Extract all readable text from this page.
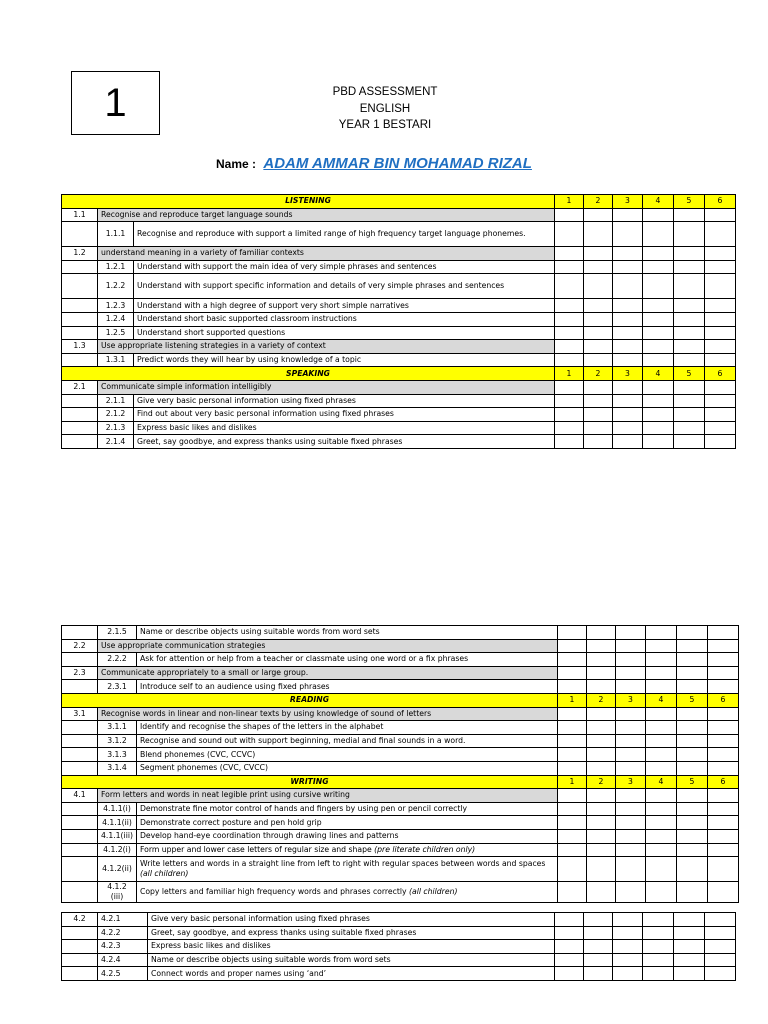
1	PBD ASSESSMENT
ENGLISH
YEAR 1 BESTARI
Name : ADAM AMMAR BIN MOHAMAD RIZAL
LISTENING			1	2	3	4	5	6
1.1	Recognise and reproduce target language sounds							
	1.1.1	Recognise and reproduce with support a limited range of high frequency target language phonemes.						
1.2	understand meaning in a variety of familiar contexts							
	1.2.1	Understand with support the main idea of very simple phrases and sentences						
	1.2.2	Understand with support specific information and details of very simple phrases and sentences						
	1.2.3	Understand with a high degree of support very short simple narratives						
	1.2.4	Understand short basic supported classroom instructions						
	1.2.5	Understand short supported questions						
1.3	Use appropriate listening strategies in a variety of context							
	1.3.1	Predict words they will hear by using knowledge of a topic						
SPEAKING			1	2	3	4	5	6
2.1	Communicate simple information intelligibly							
	2.1.1	Give very basic personal information using fixed phrases						
	2.1.2	Find out about very basic personal information using fixed phrases						
	2.1.3	Express basic likes and dislikes						
	2.1.4	Greet, say goodbye, and express thanks using suitable fixed phrases						
	2.1.5	Name or describe objects using suitable words from word sets						
2.2	Use appropriate communication strategies							
	2.2.2	Ask for attention or help from a teacher or classmate using one word or a fix phrases						
2.3	Communicate appropriately to a small or large group.							
	2.3.1	Introduce self to an audience using fixed phrases						
READING			1	2	3	4	5	6
3.1	Recognise words in linear and non-linear texts by using knowledge of sound of letters							
	3.1.1	Identify and recognise the shapes of the letters in the alphabet						
	3.1.2	Recognise and sound out with support beginning, medial and final sounds in a word.						
	3.1.3	Blend phonemes (CVC, CCVC)						
	3.1.4	Segment phonemes (CVC, CVCC)						
WRITING			1	2	3	4	5	6
4.1	Form letters and words in neat legible print using cursive writing							
	4.1.1(i)	Demonstrate fine motor control of hands and fingers by using pen or pencil correctly						
	4.1.1(ii)	Demonstrate correct posture and pen hold grip						
	4.1.1(iii)	Develop hand-eye coordination through drawing lines and patterns						
	4.1.2(i)	Form upper and lower case letters of regular size and shape (pre literate children only)						
	4.1.2(ii)	Write letters and words in a straight line from left to right with regular spaces between words and spaces (all children)						
	4.1.2 (iii)	Copy letters and familiar high frequency words and phrases correctly (all children)						
4.2	4.2.1	Give very basic personal information using fixed phrases						
	4.2.2	Greet, say goodbye, and express thanks using suitable fixed phrases						
	4.2.3	Express basic likes and dislikes						
	4.2.4	Name or describe objects using suitable words from word sets						
	4.2.5	Connect words and proper names using ‘and’						
